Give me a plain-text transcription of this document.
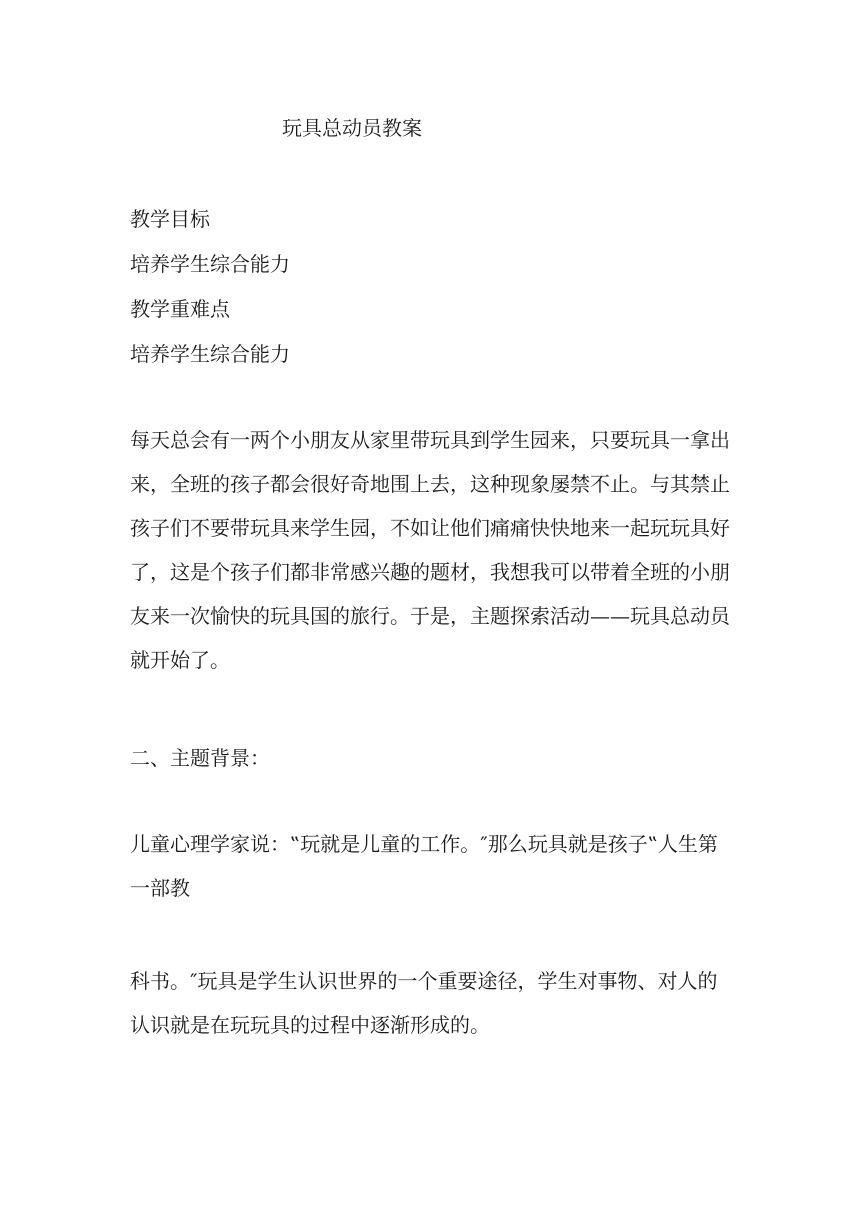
玩具总动员教案
教学目标
培养学生综合能力
教学重难点
培养学生综合能力
每天总会有一两个小朋友从家里带玩具到学生园来，只要玩具一拿出
来，全班的孩子都会很好奇地围上去，这种现象屡禁不止。与其禁止
孩子们不要带玩具来学生园，不如让他们痛痛快快地来一起玩玩具好
了，这是个孩子们都非常感兴趣的题材，我想我可以带着全班的小朋
友来一次愉快的玩具国的旅行。于是，主题探索活动——玩具总动员
就开始了。
二、主题背景：
儿童心理学家说：‟玩就是儿童的工作。″那么玩具就是孩子‟人生第
一部教
科书。″玩具是学生认识世界的一个重要途径，学生对事物、对人的
认识就是在玩玩具的过程中逐渐形成的。
